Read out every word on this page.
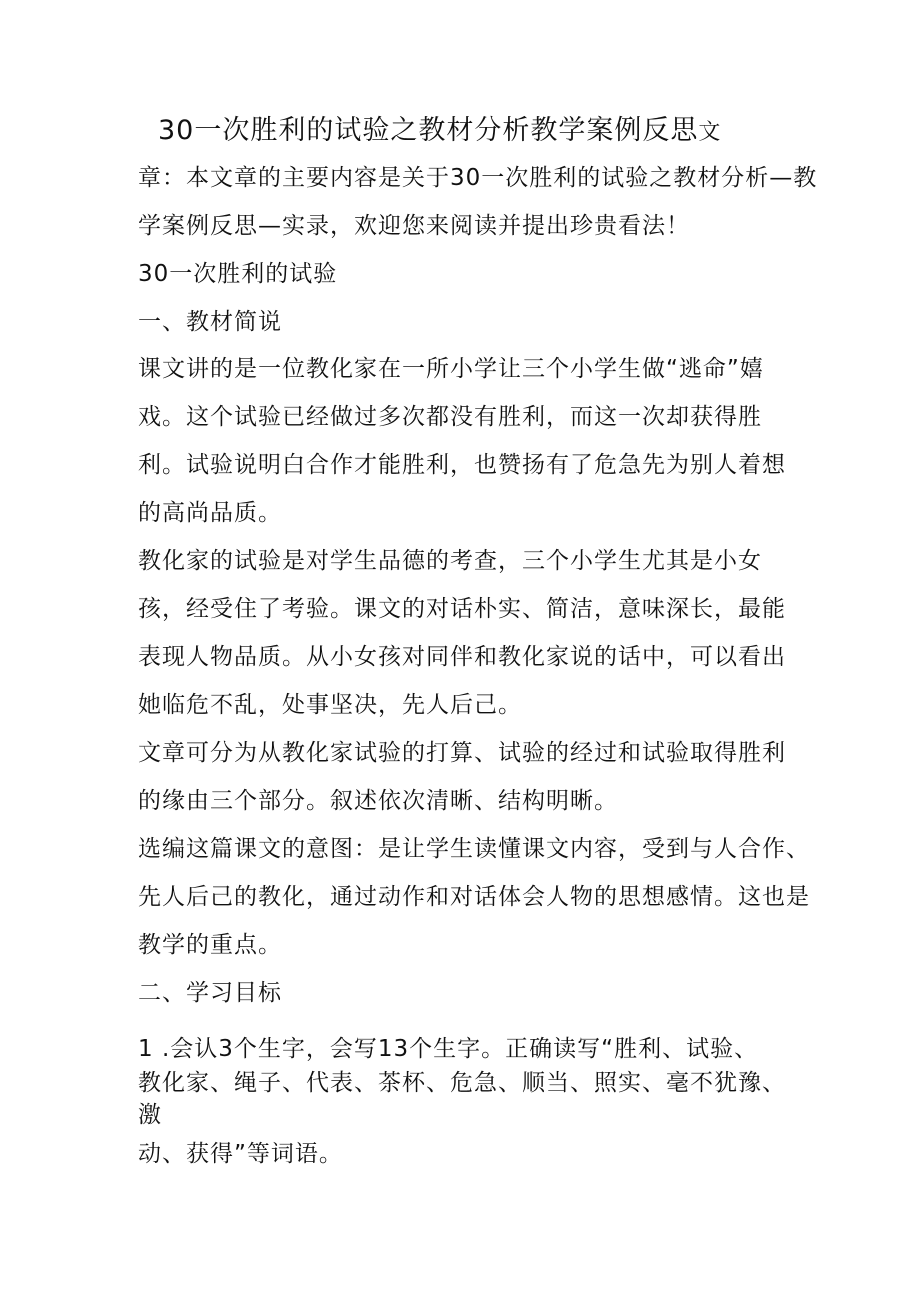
30一次胜利的试验之教材分析教学案例反思文
章：本文章的主要内容是关于30一次胜利的试验之教材分析—教
学案例反思—实录，欢迎您来阅读并提出珍贵看法！
30一次胜利的试验
一、教材简说
课文讲的是一位教化家在一所小学让三个小学生做“逃命”嬉
戏。这个试验已经做过多次都没有胜利，而这一次却获得胜
利。试验说明白合作才能胜利，也赞扬有了危急先为别人着想
的高尚品质。
教化家的试验是对学生品德的考查，三个小学生尤其是小女
孩，经受住了考验。课文的对话朴实、简洁，意味深长，最能
表现人物品质。从小女孩对同伴和教化家说的话中，可以看出
她临危不乱，处事坚决，先人后己。
文章可分为从教化家试验的打算、试验的经过和试验取得胜利
的缘由三个部分。叙述依次清晰、结构明晰。
选编这篇课文的意图：是让学生读懂课文内容，受到与人合作、
先人后己的教化，通过动作和对话体会人物的思想感情。这也是
教学的重点。
二、学习目标
1 .会认3个生字，会写13个生字。正确读写“胜利、试验、
教化家、绳子、代表、茶杯、危急、顺当、照实、毫不犹豫、
激
动、获得”等词语。
